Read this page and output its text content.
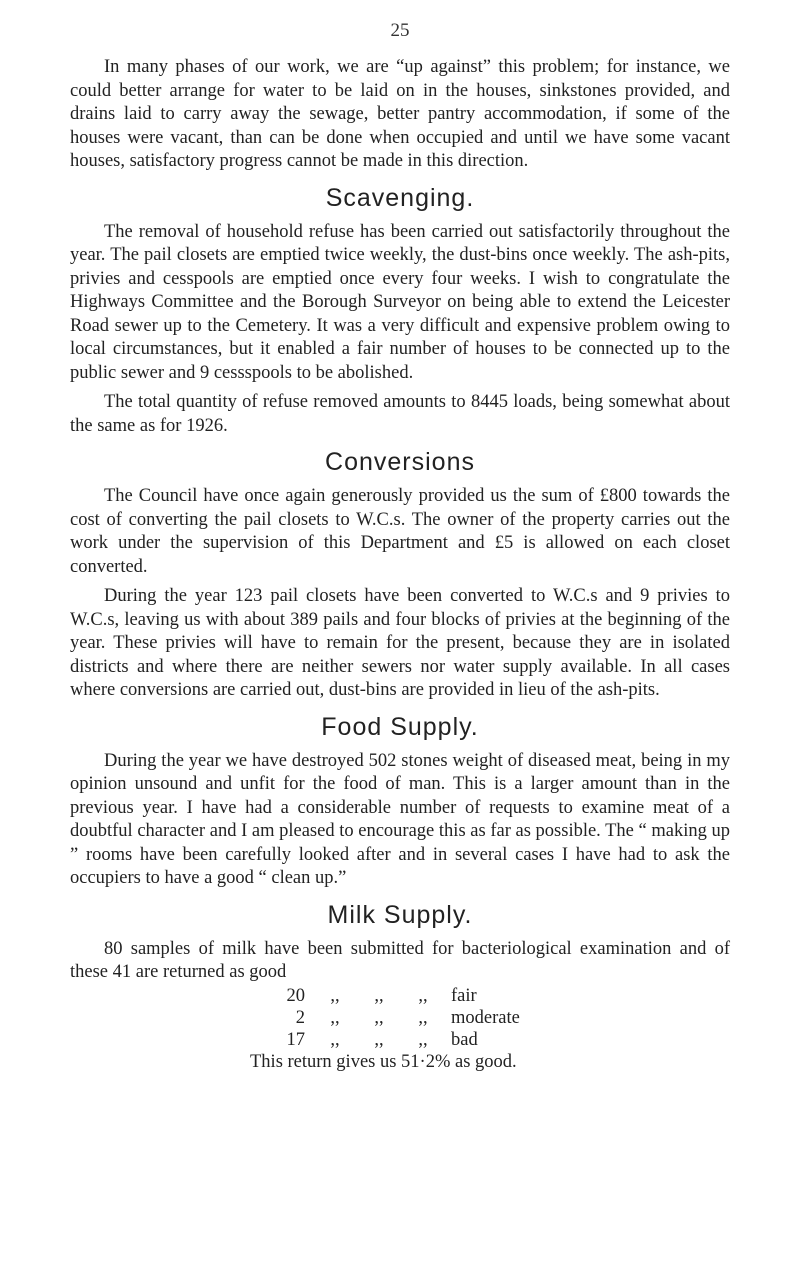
25

In many phases of our work, we are “up against” this problem; for instance, we could better arrange for water to be laid on in the houses, sinkstones provided, and drains laid to carry away the sewage, better pantry accommodation, if some of the houses were vacant, than can be done when occupied and until we have some vacant houses, satisfactory progress cannot be made in this direction.

Scavenging.

The removal of household refuse has been carried out satisfactorily throughout the year. The pail closets are emptied twice weekly, the dust-bins once weekly. The ash-pits, privies and cesspools are emptied once every four weeks. I wish to congratulate the Highways Committee and the Borough Surveyor on being able to extend the Leicester Road sewer up to the Cemetery. It was a very difficult and expensive problem owing to local circumstances, but it enabled a fair number of houses to be connected up to the public sewer and 9 cessspools to be abolished.

The total quantity of refuse removed amounts to 8445 loads, being somewhat about the same as for 1926.

Conversions

The Council have once again generously provided us the sum of £800 towards the cost of converting the pail closets to W.C.s. The owner of the property carries out the work under the supervision of this Department and £5 is allowed on each closet converted.

During the year 123 pail closets have been converted to W.C.s and 9 privies to W.C.s, leaving us with about 389 pails and four blocks of privies at the beginning of the year. These privies will have to remain for the present, because they are in isolated districts and where there are neither sewers nor water supply available. In all cases where conversions are carried out, dust-bins are provided in lieu of the ash-pits.

Food Supply.

During the year we have destroyed 502 stones weight of diseased meat, being in my opinion unsound and unfit for the food of man. This is a larger amount than in the previous year. I have had a considerable number of requests to examine meat of a doubtful character and I am pleased to encourage this as far as possible. The “ making up ” rooms have been carefully looked after and in several cases I have had to ask the occupiers to have a good “ clean up.”

Milk Supply.

80 samples of milk have been submitted for bacteriological examination and of these 41 are returned as good

20	,,	,,	,,	fair
2	,,	,,	,,	moderate
17	,,	,,	,,	bad

This return gives us 51·2% as good.
